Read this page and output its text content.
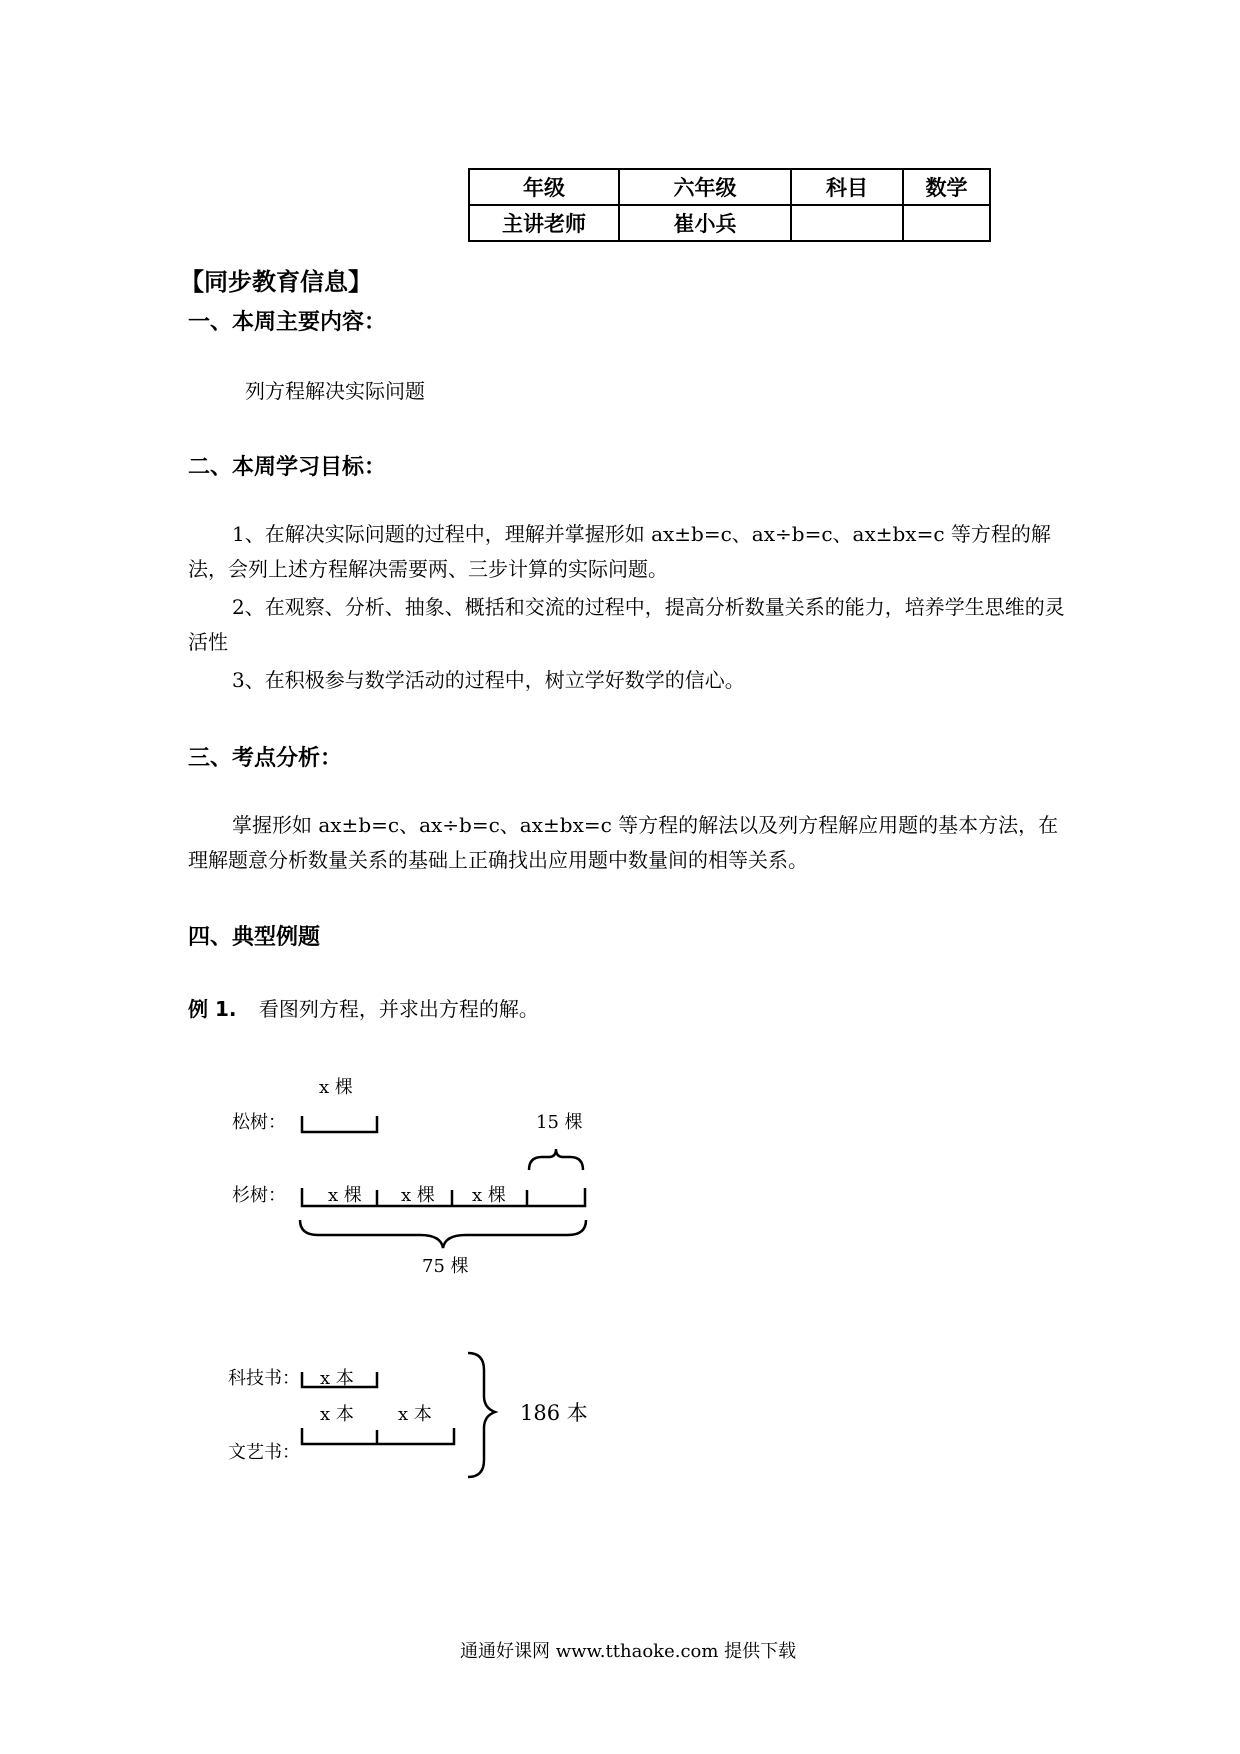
年级	六年级	科目	数学
主讲老师	崔小兵		
【同步教育信息】
一、本周主要内容：
列方程解决实际问题
二、本周学习目标：
1、在解决实际问题的过程中，理解并掌握形如 ax±b=c、ax÷b=c、ax±bx=c 等方程的解法，会列上述方程解决需要两、三步计算的实际问题。
2、在观察、分析、抽象、概括和交流的过程中，提高分析数量关系的能力，培养学生思维的灵活性
3、在积极参与数学活动的过程中，树立学好数学的信心。
三、考点分析：
掌握形如 ax±b=c、ax÷b=c、ax±bx=c 等方程的解法以及列方程解应用题的基本方法，在理解题意分析数量关系的基础上正确找出应用题中数量间的相等关系。
四、典型例题
例 1. 看图列方程，并求出方程的解。
x 棵
松树：	15 棵
杉树： x 棵 x 棵 x 棵
75 棵
科技书： x 本
x 本 x 本
文艺书：
186 本
通通好课网 www.tthaoke.com 提供下载
